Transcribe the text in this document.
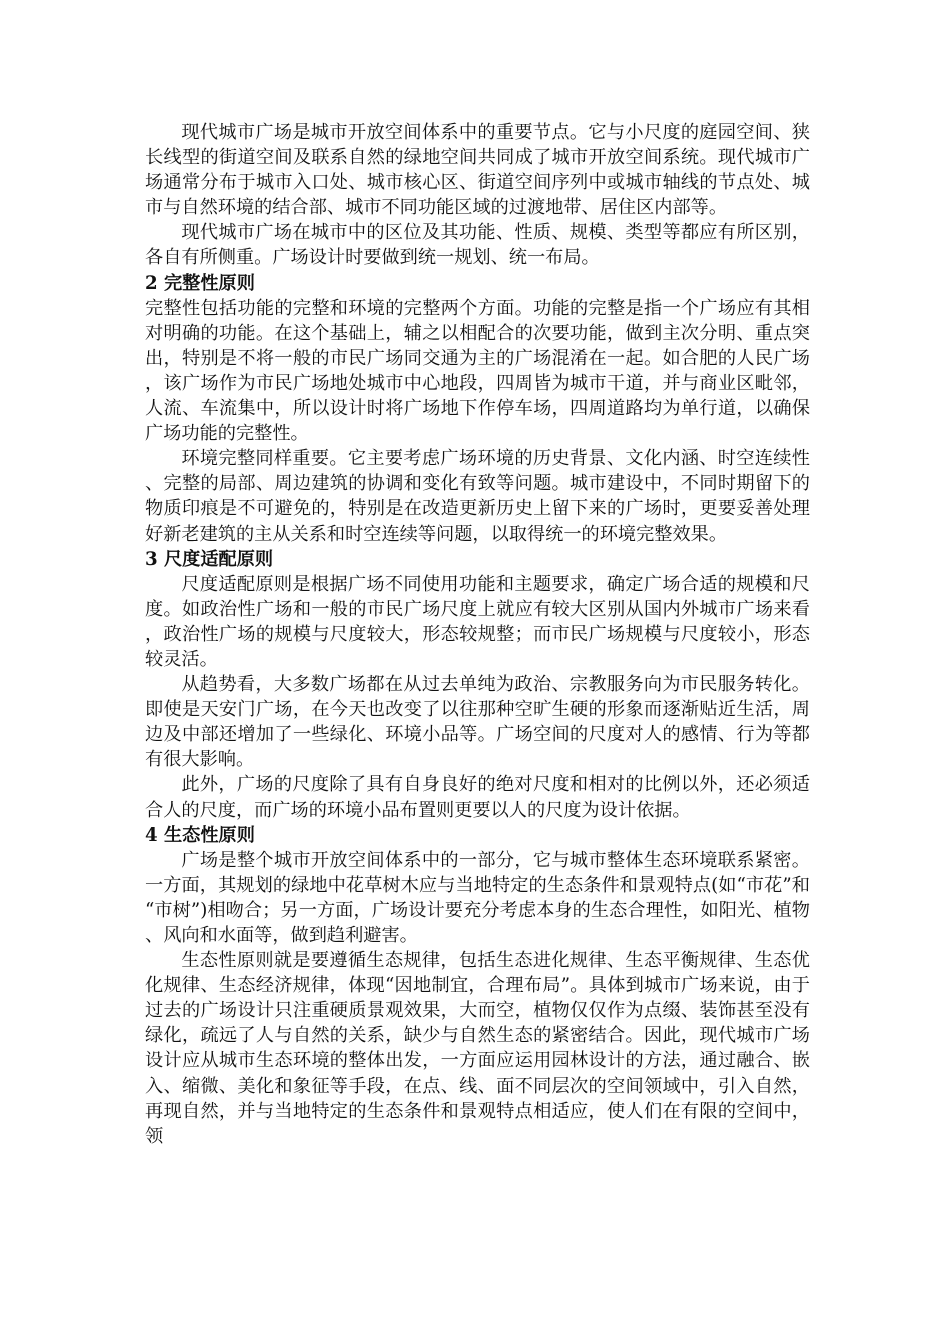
现代城市广场是城市开放空间体系中的重要节点。它与小尺度的庭园空间、狭长线型的街道空间及联系自然的绿地空间共同成了城市开放空间系统。现代城市广场通常分布于城市入口处、城市核心区、街道空间序列中或城市轴线的节点处、城市与自然环境的结合部、城市不同功能区域的过渡地带、居住区内部等。

现代城市广场在城市中的区位及其功能、性质、规模、类型等都应有所区别，各自有所侧重。广场设计时要做到统一规划、统一布局。

2 完整性原则

完整性包括功能的完整和环境的完整两个方面。功能的完整是指一个广场应有其相对明确的功能。在这个基础上，辅之以相配合的次要功能，做到主次分明、重点突出，特别是不将一般的市民广场同交通为主的广场混淆在一起。如合肥的人民广场，该广场作为市民广场地处城市中心地段，四周皆为城市干道，并与商业区毗邻，人流、车流集中，所以设计时将广场地下作停车场，四周道路均为单行道，以确保广场功能的完整性。

环境完整同样重要。它主要考虑广场环境的历史背景、文化内涵、时空连续性、完整的局部、周边建筑的协调和变化有致等问题。城市建设中，不同时期留下的物质印痕是不可避免的，特别是在改造更新历史上留下来的广场时，更要妥善处理好新老建筑的主从关系和时空连续等问题，以取得统一的环境完整效果。

3 尺度适配原则

尺度适配原则是根据广场不同使用功能和主题要求，确定广场合适的规模和尺度。如政治性广场和一般的市民广场尺度上就应有较大区别从国内外城市广场来看，政治性广场的规模与尺度较大，形态较规整；而市民广场规模与尺度较小，形态较灵活。

从趋势看，大多数广场都在从过去单纯为政治、宗教服务向为市民服务转化。即使是天安门广场，在今天也改变了以往那种空旷生硬的形象而逐渐贴近生活，周边及中部还增加了一些绿化、环境小品等。广场空间的尺度对人的感情、行为等都有很大影响。

此外，广场的尺度除了具有自身良好的绝对尺度和相对的比例以外，还必须适合人的尺度，而广场的环境小品布置则更要以人的尺度为设计依据。

4 生态性原则

广场是整个城市开放空间体系中的一部分，它与城市整体生态环境联系紧密。一方面，其规划的绿地中花草树木应与当地特定的生态条件和景观特点(如“市花”和“市树”)相吻合；另一方面，广场设计要充分考虑本身的生态合理性，如阳光、植物、风向和水面等，做到趋利避害。

生态性原则就是要遵循生态规律，包括生态进化规律、生态平衡规律、生态优化规律、生态经济规律，体现“因地制宜，合理布局”。具体到城市广场来说，由于过去的广场设计只注重硬质景观效果，大而空，植物仅仅作为点缀、装饰甚至没有绿化，疏远了人与自然的关系，缺少与自然生态的紧密结合。因此，现代城市广场设计应从城市生态环境的整体出发，一方面应运用园林设计的方法，通过融合、嵌入、缩微、美化和象征等手段，在点、线、面不同层次的空间领域中，引入自然，再现自然，并与当地特定的生态条件和景观特点相适应，使人们在有限的空间中，领
